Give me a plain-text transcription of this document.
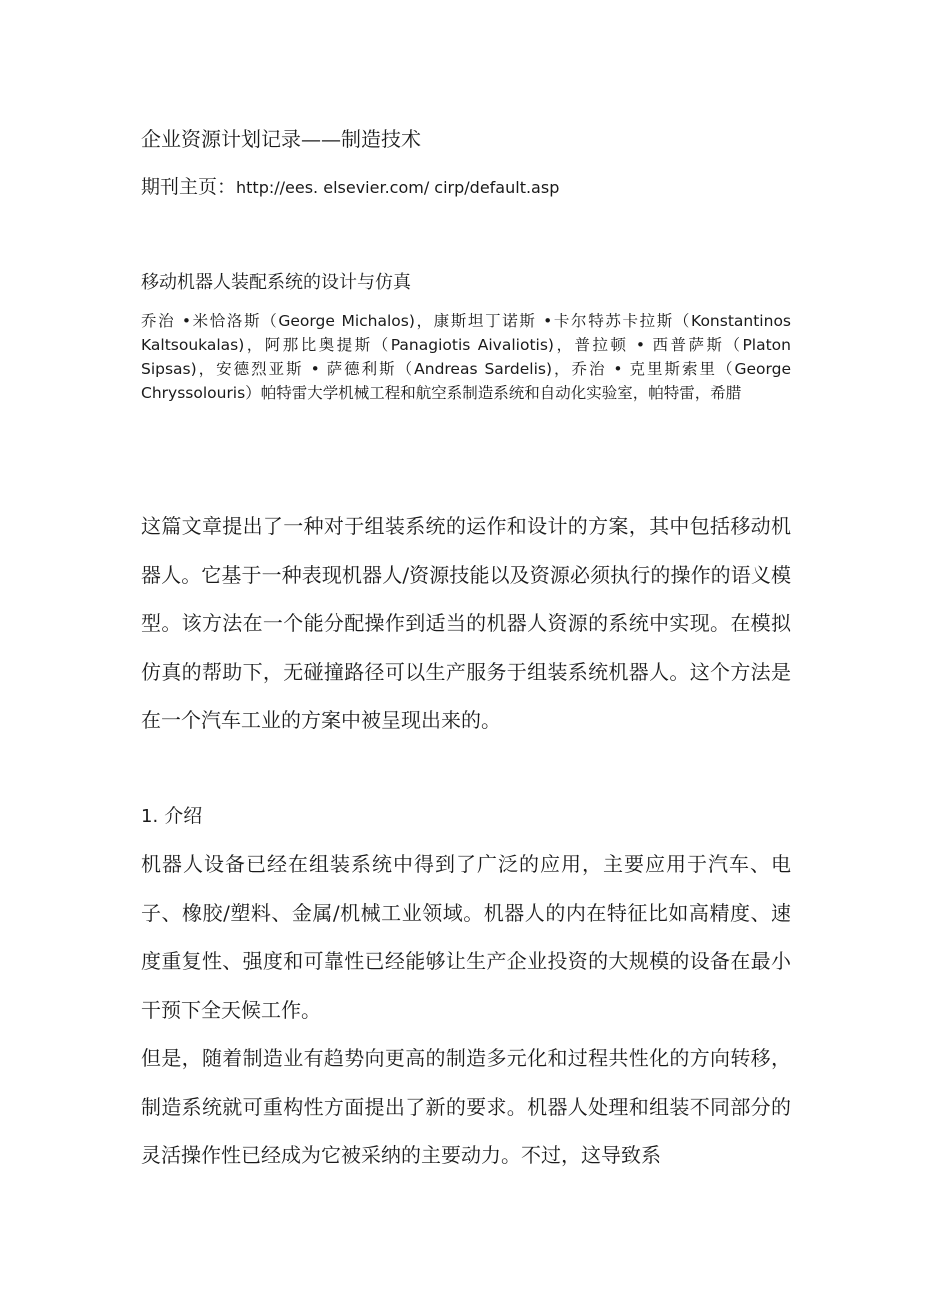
企业资源计划记录——制造技术
期刊主页：http://ees. elsevier.com/ cirp/default.asp
移动机器人装配系统的设计与仿真
乔治 •米恰洛斯（George Michalos)，康斯坦丁诺斯 •卡尔特苏卡拉斯（Konstantinos Kaltsoukalas)，阿那比奥提斯（Panagiotis Aivaliotis)，普拉顿 • 西普萨斯（Platon Sipsas)，安德烈亚斯 • 萨德利斯（Andreas Sardelis)，乔治 • 克里斯索里（George Chryssolouris）帕特雷大学机械工程和航空系制造系统和自动化实验室，帕特雷，希腊

这篇文章提出了一种对于组装系统的运作和设计的方案，其中包括移动机器人。它基于一种表现机器人/资源技能以及资源必须执行的操作的语义模型。该方法在一个能分配操作到适当的机器人资源的系统中实现。在模拟仿真的帮助下，无碰撞路径可以生产服务于组装系统机器人。这个方法是在一个汽车工业的方案中被呈现出来的。

1. 介绍

机器人设备已经在组装系统中得到了广泛的应用，主要应用于汽车、电子、橡胶/塑料、金属/机械工业领域。机器人的内在特征比如高精度、速度重复性、强度和可靠性已经能够让生产企业投资的大规模的设备在最小干预下全天候工作。

但是，随着制造业有趋势向更高的制造多元化和过程共性化的方向转移，制造系统就可重构性方面提出了新的要求。机器人处理和组装不同部分的灵活操作性已经成为它被采纳的主要动力。不过，这导致系
